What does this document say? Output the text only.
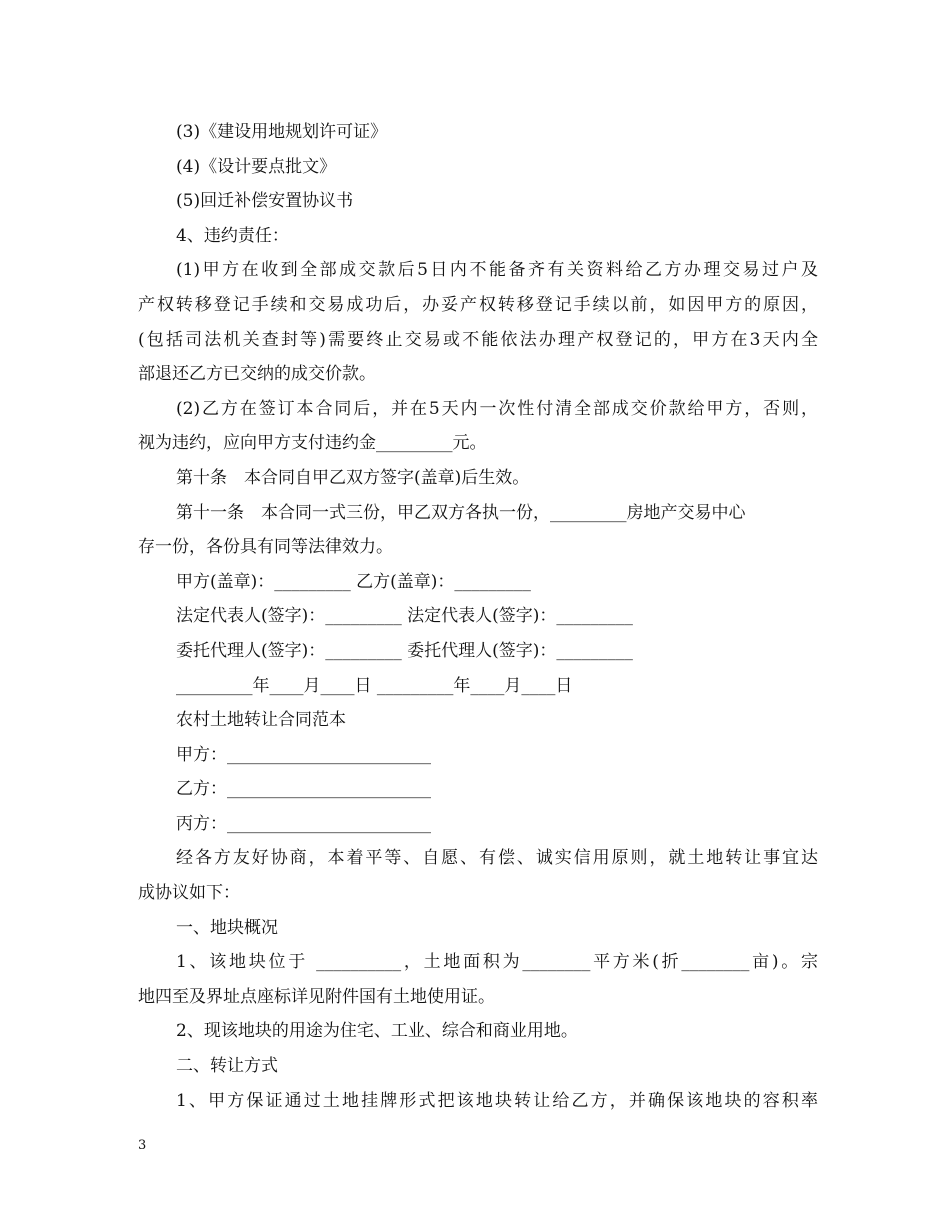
(3)《建设用地规划许可证》
(4)《设计要点批文》
(5)回迁补偿安置协议书
4、违约责任：
(1)甲方在收到全部成交款后5日内不能备齐有关资料给乙方办理交易过户及
产权转移登记手续和交易成功后，办妥产权转移登记手续以前，如因甲方的原因，
(包括司法机关查封等)需要终止交易或不能依法办理产权登记的，甲方在3天内全
部退还乙方已交纳的成交价款。
(2)乙方在签订本合同后，并在5天内一次性付清全部成交价款给甲方，否则，
视为违约，应向甲方支付违约金_________元。
第十条　本合同自甲乙双方签字(盖章)后生效。
第十一条　本合同一式三份，甲乙双方各执一份，_________房地产交易中心
存一份，各份具有同等法律效力。
甲方(盖章)：_________ 乙方(盖章)：_________
法定代表人(签字)：_________ 法定代表人(签字)：_________
委托代理人(签字)：_________ 委托代理人(签字)：_________
_________年____月____日 _________年____月____日
农村土地转让合同范本
甲方：________________________
乙方：________________________
丙方：________________________
经各方友好协商，本着平等、自愿、有偿、诚实信用原则，就土地转让事宜达
成协议如下：
一、地块概况
1、该地块位于 __________，土地面积为________平方米(折________亩)。宗
地四至及界址点座标详见附件国有土地使用证。
2、现该地块的用途为住宅、工业、综合和商业用地。
二、转让方式
1、甲方保证通过土地挂牌形式把该地块转让给乙方，并确保该地块的容积率
3
